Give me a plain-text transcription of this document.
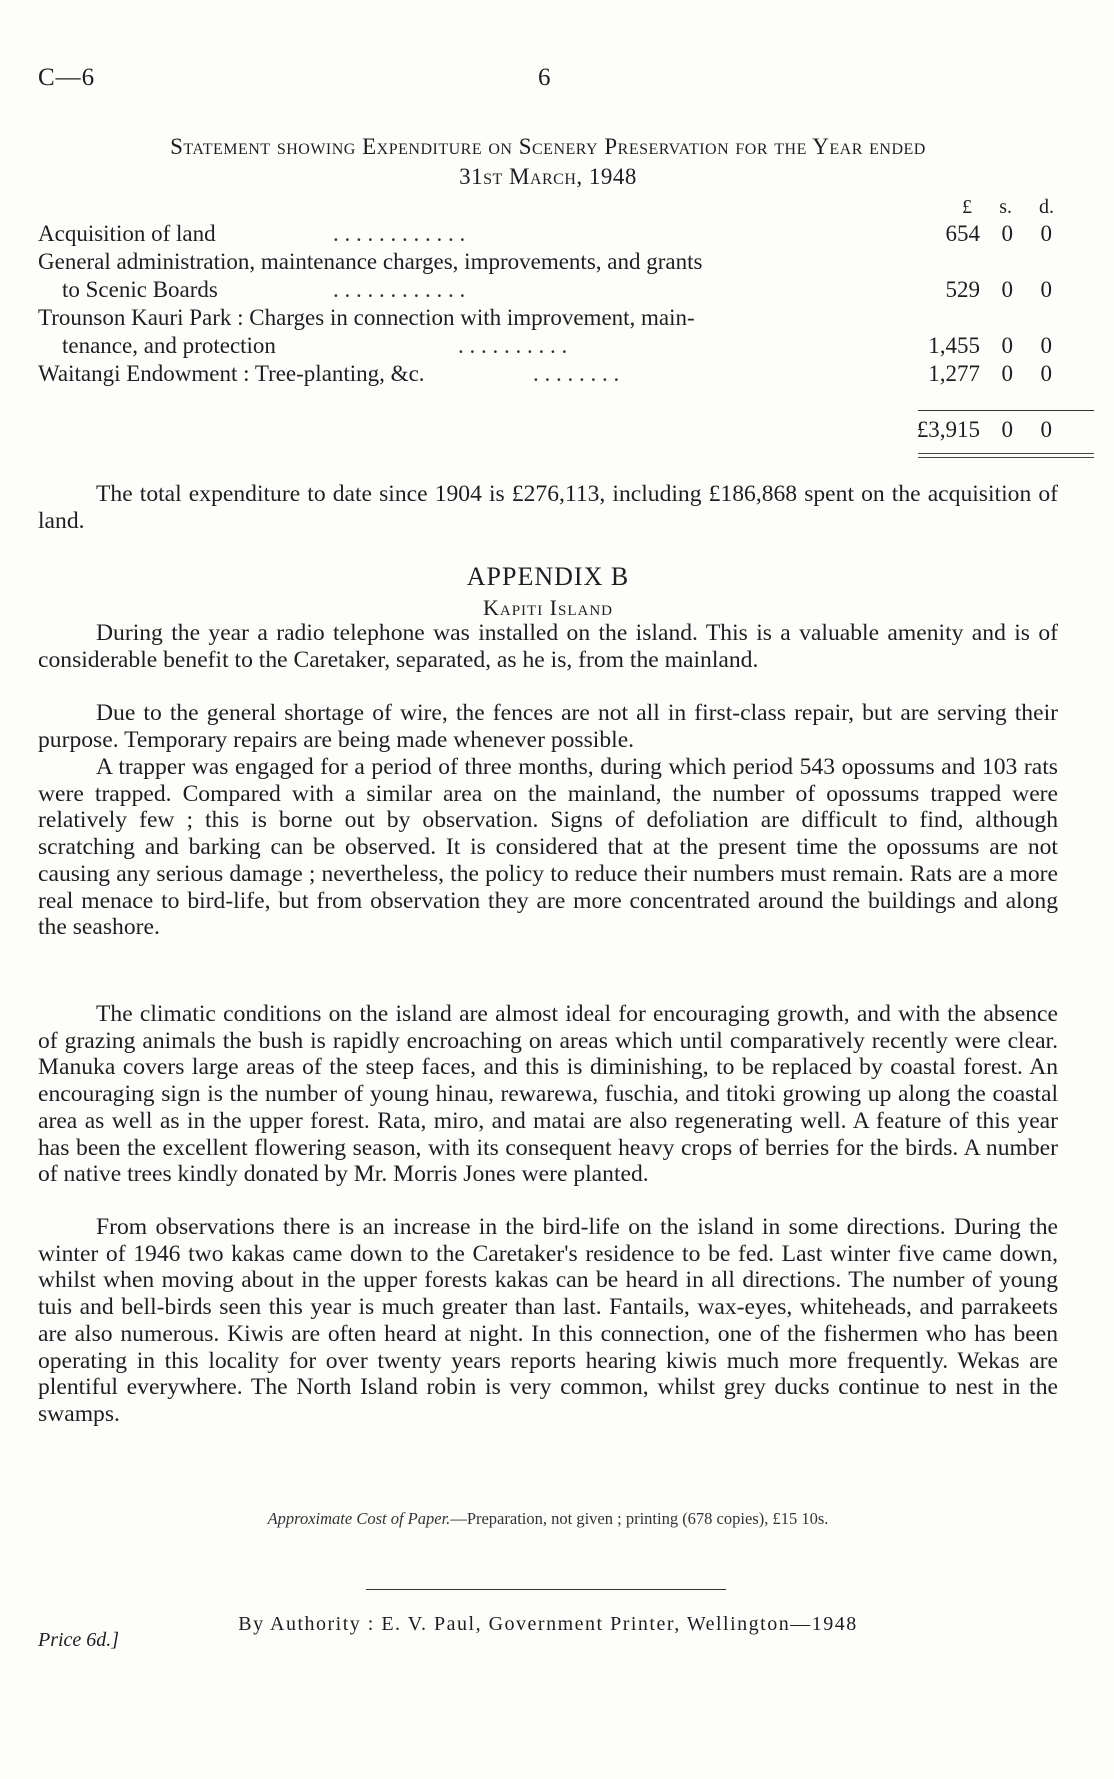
C—6	6
Statement showing Expenditure on Scenery Preservation for the Year ended
31st March, 1948
£ s. d.
Acquisition of land	. . . . . . . . . . . .	654 0	0
General administration, maintenance charges, improvements, and grants
to Scenic Boards	. . . . . . . . . . . .	529 0	0
Trounson Kauri Park : Charges in connection with improvement, main-
tenance, and protection	. . . . . . . . . .	1,455 0	0
Waitangi Endowment : Tree-planting, &c.	. . . . . . . .	1,277 0	0
£3,915 0	0
The total expenditure to date since 1904 is £276,113, including £186,868 spent on the acquisition of land.
APPENDIX B
Kapiti Island
During the year a radio telephone was installed on the island. This is a valuable amenity and is of considerable benefit to the Caretaker, separated, as he is, from the mainland.
Due to the general shortage of wire, the fences are not all in first-class repair, but are serving their purpose. Temporary repairs are being made whenever possible.
A trapper was engaged for a period of three months, during which period 543 opossums and 103 rats were trapped. Compared with a similar area on the mainland, the number of opossums trapped were relatively few ; this is borne out by observation. Signs of defoliation are difficult to find, although scratching and barking can be observed. It is considered that at the present time the opossums are not causing any serious damage ; nevertheless, the policy to reduce their numbers must remain. Rats are a more real menace to bird-life, but from observation they are more concentrated around the buildings and along the seashore.
The climatic conditions on the island are almost ideal for encouraging growth, and with the absence of grazing animals the bush is rapidly encroaching on areas which until comparatively recently were clear. Manuka covers large areas of the steep faces, and this is diminishing, to be replaced by coastal forest. An encouraging sign is the number of young hinau, rewarewa, fuschia, and titoki growing up along the coastal area as well as in the upper forest. Rata, miro, and matai are also regenerating well. A feature of this year has been the excellent flowering season, with its consequent heavy crops of berries for the birds. A number of native trees kindly donated by Mr. Morris Jones were planted.
From observations there is an increase in the bird-life on the island in some directions. During the winter of 1946 two kakas came down to the Caretaker's residence to be fed. Last winter five came down, whilst when moving about in the upper forests kakas can be heard in all directions. The number of young tuis and bell-birds seen this year is much greater than last. Fantails, wax-eyes, whiteheads, and parrakeets are also numerous. Kiwis are often heard at night. In this connection, one of the fishermen who has been operating in this locality for over twenty years reports hearing kiwis much more frequently. Wekas are plentiful everywhere. The North Island robin is very common, whilst grey ducks continue to nest in the swamps.
Approximate Cost of Paper.—Preparation, not given ; printing (678 copies), £15 10s.
By Authority : E. V. Paul, Government Printer, Wellington—1948
Price 6d.]
